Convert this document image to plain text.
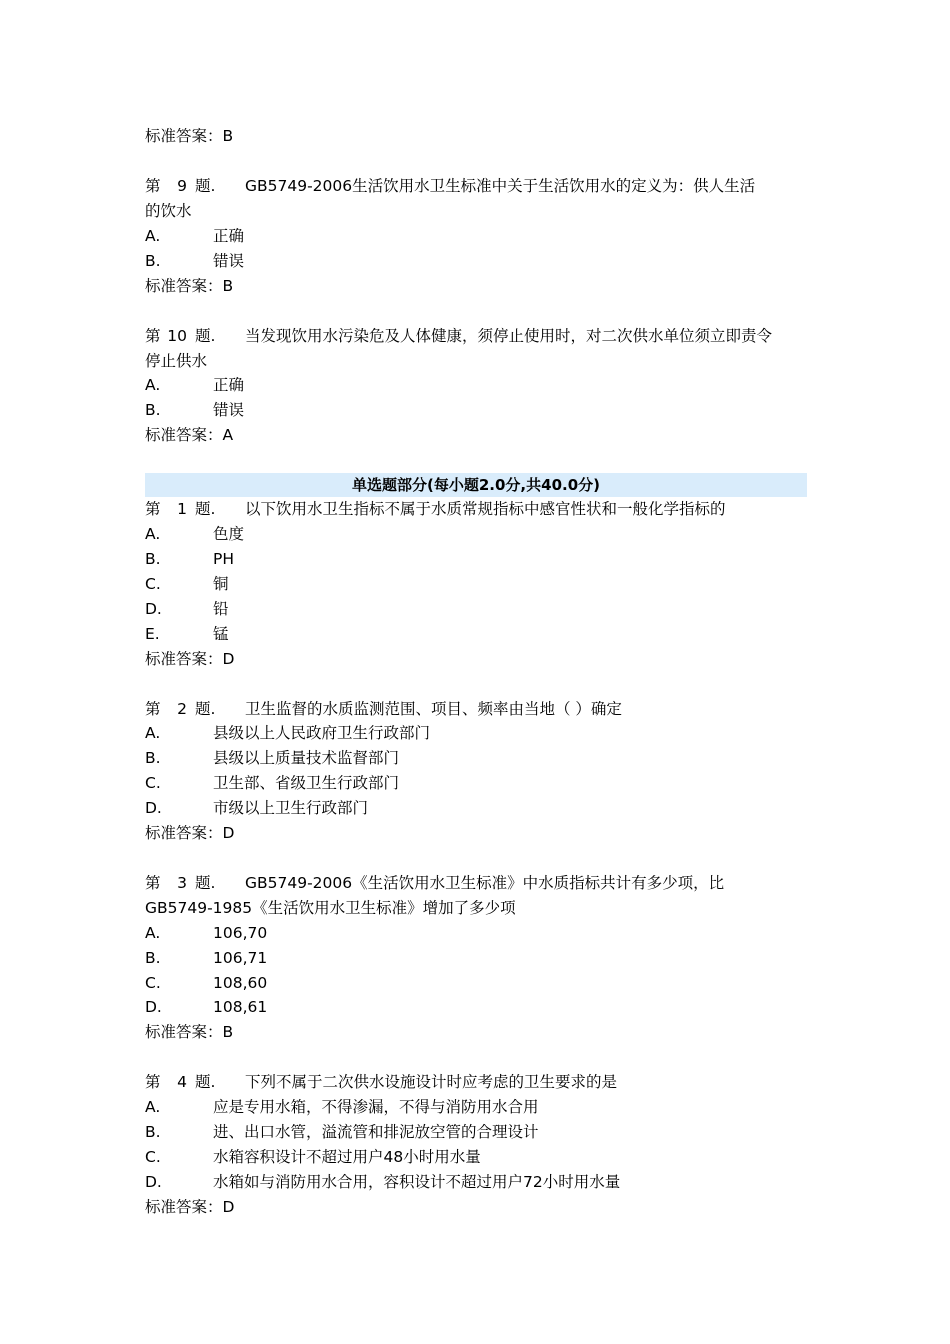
标准答案：B
第 9 题. GB5749-2006生活饮用水卫生标准中关于生活饮用水的定义为：供人生活
的饮水
A.	正确
B.	错误
标准答案：B
第 10 题. 当发现饮用水污染危及人体健康，须停止使用时，对二次供水单位须立即责令
停止供水
A.	正确
B.	错误
标准答案：A
单选题部分(每小题2.0分,共40.0分)
第 1 题. 以下饮用水卫生指标不属于水质常规指标中感官性状和一般化学指标的
A.	色度
B.	PH
C.	铜
D.	铅
E.	锰
标准答案：D
第 2 题. 卫生监督的水质监测范围、项目、频率由当地（ ）确定
A.	县级以上人民政府卫生行政部门
B.	县级以上质量技术监督部门
C.	卫生部、省级卫生行政部门
D.	市级以上卫生行政部门
标准答案：D
第 3 题. GB5749-2006《生活饮用水卫生标准》中水质指标共计有多少项，比
GB5749-1985《生活饮用水卫生标准》增加了多少项
A.	106,70
B.	106,71
C.	108,60
D.	108,61
标准答案：B
第 4 题. 下列不属于二次供水设施设计时应考虑的卫生要求的是
A.	应是专用水箱，不得渗漏，不得与消防用水合用
B.	进、出口水管，溢流管和排泥放空管的合理设计
C.	水箱容积设计不超过用户48小时用水量
D.	水箱如与消防用水合用，容积设计不超过用户72小时用水量
标准答案：D
